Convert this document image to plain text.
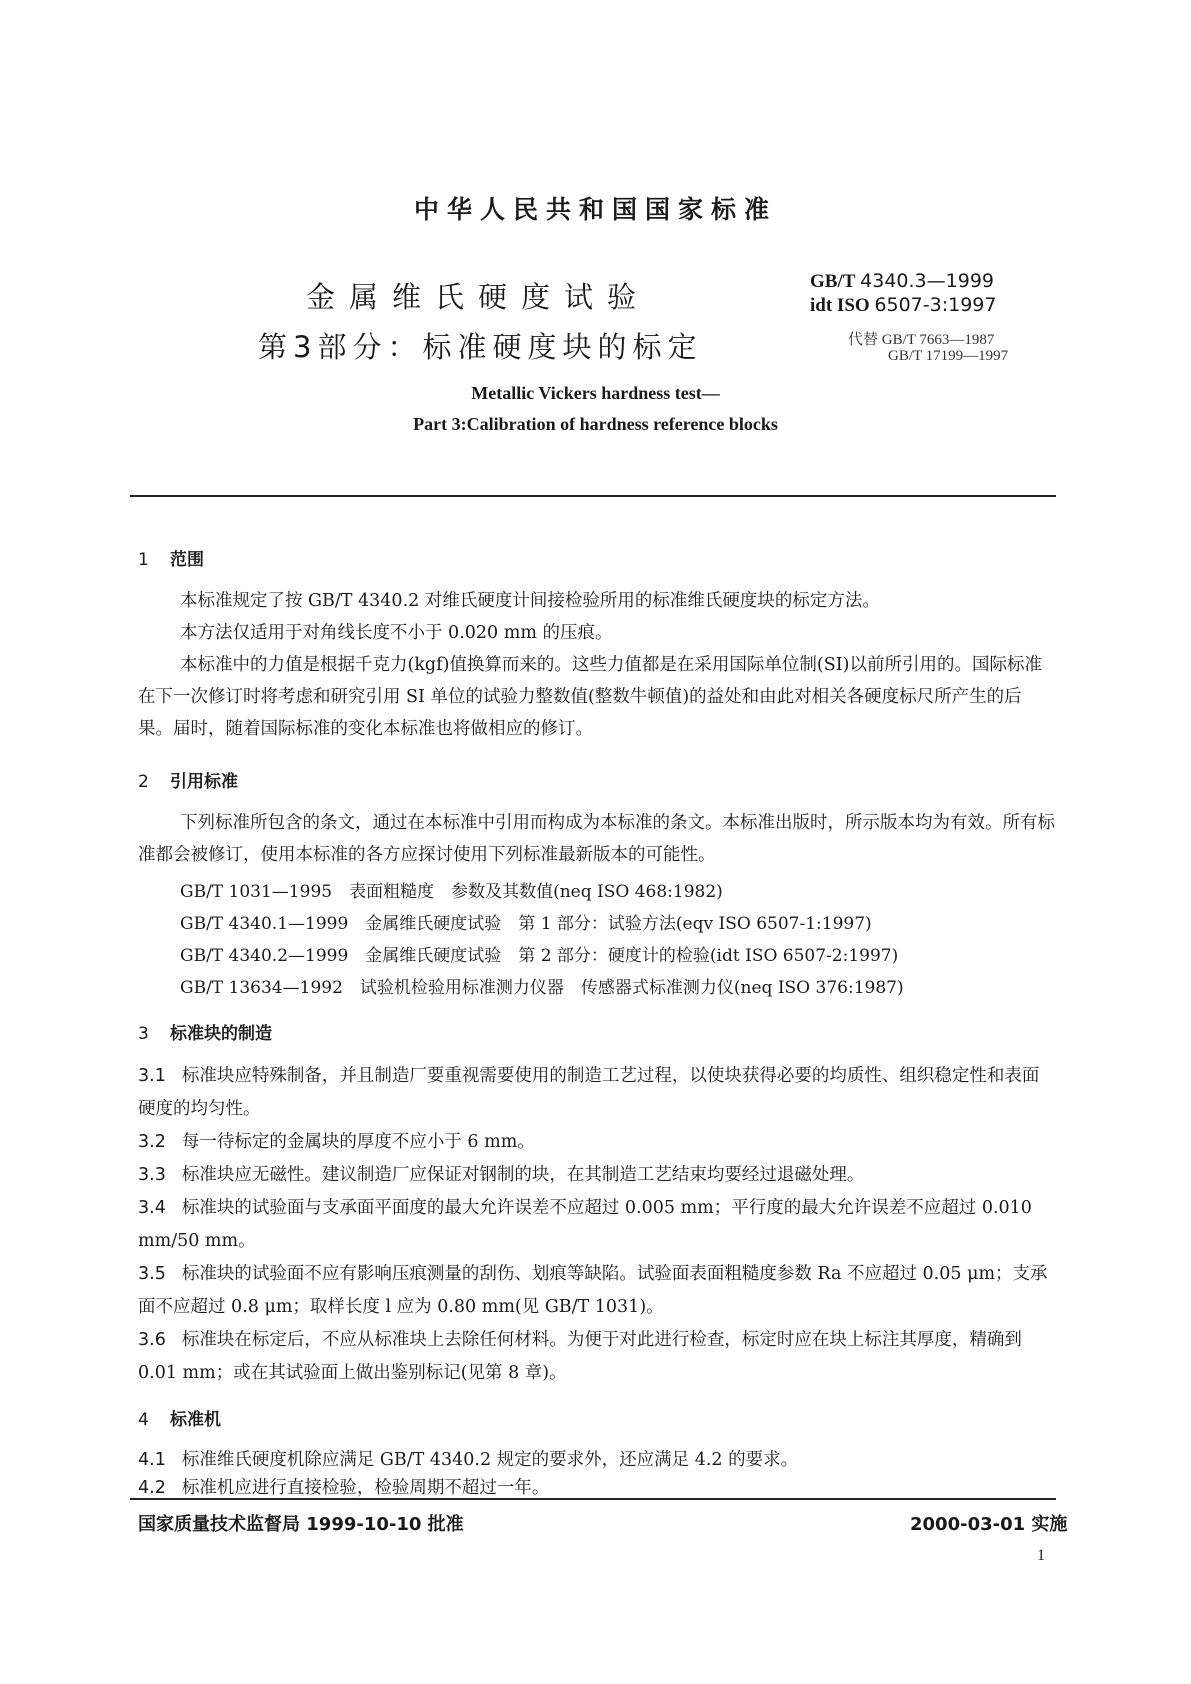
中华人民共和国国家标准
金属维氏硬度试验
第3部分：标准硬度块的标定
Metallic Vickers hardness test—
Part 3:Calibration of hardness reference blocks
GB/T 4340.3—1999
idt ISO 6507-3:1997
代替 GB/T 7663—1987
GB/T 17199—1997
1 范围
本标准规定了按 GB/T 4340.2 对维氏硬度计间接检验所用的标准维氏硬度块的标定方法。
本方法仅适用于对角线长度不小于 0.020 mm 的压痕。
本标准中的力值是根据千克力(kgf)值换算而来的。这些力值都是在采用国际单位制(SI)以前所引用的。国际标准在下一次修订时将考虑和研究引用 SI 单位的试验力整数值(整数牛顿值)的益处和由此对相关各硬度标尺所产生的后果。届时，随着国际标准的变化本标准也将做相应的修订。
2 引用标准
下列标准所包含的条文，通过在本标准中引用而构成为本标准的条文。本标准出版时，所示版本均为有效。所有标准都会被修订，使用本标准的各方应探讨使用下列标准最新版本的可能性。
GB/T 1031—1995　表面粗糙度　参数及其数值(neq ISO 468:1982)
GB/T 4340.1—1999　金属维氏硬度试验　第 1 部分：试验方法(eqv ISO 6507-1:1997)
GB/T 4340.2—1999　金属维氏硬度试验　第 2 部分：硬度计的检验(idt ISO 6507-2:1997)
GB/T 13634—1992　试验机检验用标准测力仪器　传感器式标准测力仪(neq ISO 376:1987)
3 标准块的制造
3.1 标准块应特殊制备，并且制造厂要重视需要使用的制造工艺过程，以使块获得必要的均质性、组织稳定性和表面硬度的均匀性。
3.2 每一待标定的金属块的厚度不应小于 6 mm。
3.3 标准块应无磁性。建议制造厂应保证对钢制的块，在其制造工艺结束均要经过退磁处理。
3.4 标准块的试验面与支承面平面度的最大允许误差不应超过 0.005 mm；平行度的最大允许误差不应超过 0.010 mm/50 mm。
3.5 标准块的试验面不应有影响压痕测量的刮伤、划痕等缺陷。试验面表面粗糙度参数 Ra 不应超过 0.05 μm；支承面不应超过 0.8 μm；取样长度 l 应为 0.80 mm(见 GB/T 1031)。
3.6 标准块在标定后，不应从标准块上去除任何材料。为便于对此进行检查，标定时应在块上标注其厚度，精确到 0.01 mm；或在其试验面上做出鉴别标记(见第 8 章)。
4 标准机
4.1 标准维氏硬度机除应满足 GB/T 4340.2 规定的要求外，还应满足 4.2 的要求。
4.2 标准机应进行直接检验，检验周期不超过一年。
国家质量技术监督局 1999-10-10 批准	2000-03-01 实施
1
